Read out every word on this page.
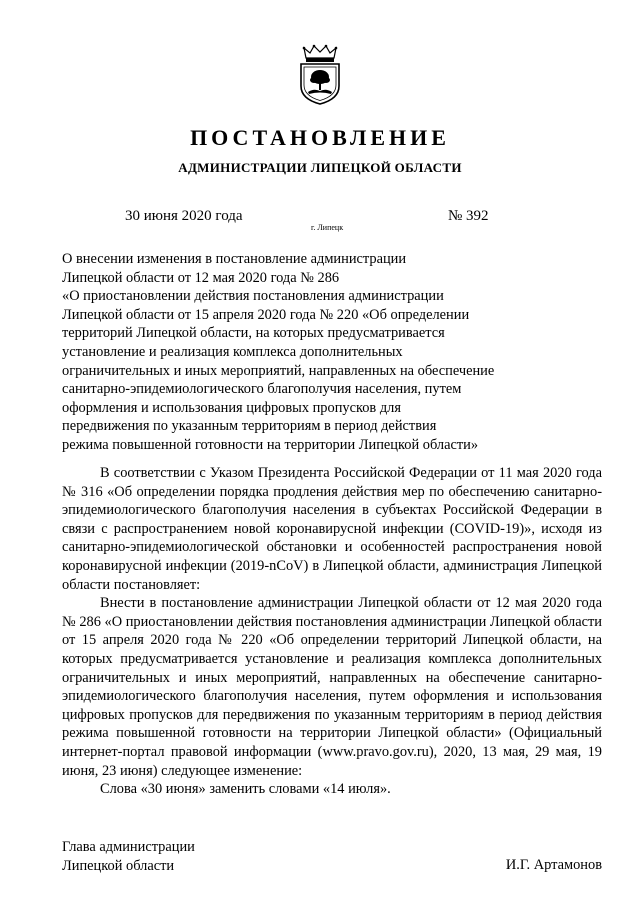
ПОСТАНОВЛЕНИЕ
АДМИНИСТРАЦИИ ЛИПЕЦКОЙ ОБЛАСТИ
30 июня 2020 года
г. Липецк
№ 392
О внесении изменения в постановление администрации
Липецкой области от 12 мая 2020 года № 286
«О приостановлении действия постановления администрации
Липецкой области от 15 апреля 2020 года № 220 «Об определении
территорий Липецкой области, на которых предусматривается
установление и реализация комплекса дополнительных
ограничительных и иных мероприятий, направленных на обеспечение
санитарно-эпидемиологического благополучия населения, путем
оформления и использования цифровых пропусков для
передвижения по указанным территориям в период действия
режима повышенной готовности на территории Липецкой области»

В соответствии с Указом Президента Российской Федерации от 11 мая 2020 года № 316 «Об определении порядка продления действия мер по обеспечению санитарно-эпидемиологического благополучия населения в субъектах Российской Федерации в связи с распространением новой коронавирусной инфекции (COVID-19)», исходя из санитарно-эпидемиологической обстановки и особенностей распространения новой коронавирусной инфекции (2019-nCoV) в Липецкой области, администрация Липецкой области постановляет:

Внести в постановление администрации Липецкой области от 12 мая 2020 года № 286 «О приостановлении действия постановления администрации Липецкой области от 15 апреля 2020 года № 220 «Об определении территорий Липецкой области, на которых предусматривается установление и реализация комплекса дополнительных ограничительных и иных мероприятий, направленных на обеспечение санитарно-эпидемиологического благополучия населения, путем оформления и использования цифровых пропусков для передвижения по указанным территориям в период действия режима повышенной готовности на территории Липецкой области» (Официальный интернет-портал правовой информации (www.pravo.gov.ru), 2020, 13 мая, 29 мая, 19 июня, 23 июня) следующее изменение:

Слова «30 июня» заменить словами «14 июля».

Глава администрации
Липецкой области	И.Г. Артамонов
